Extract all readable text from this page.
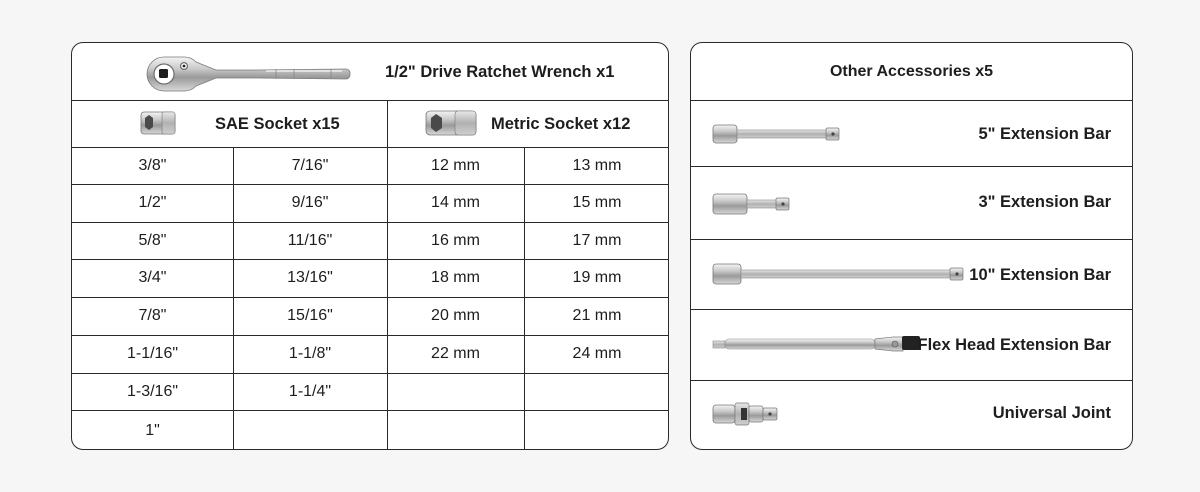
1/2" Drive Ratchet Wrench x1
SAE Socket x15	Metric Socket x12
3/8"
1/2"
5/8"
3/4"
7/8"
1-1/16"
1-3/16"
1"
7/16"
9/16"
11/16"
13/16"
15/16"
1-1/8"
1-1/4"
12 mm
14 mm
16 mm
18 mm
20 mm
22 mm
13 mm
15 mm
17 mm
19 mm
21 mm
24 mm
Other Accessories x5
5" Extension Bar
3" Extension Bar
10" Extension Bar
Flex Head Extension Bar
Universal Joint
